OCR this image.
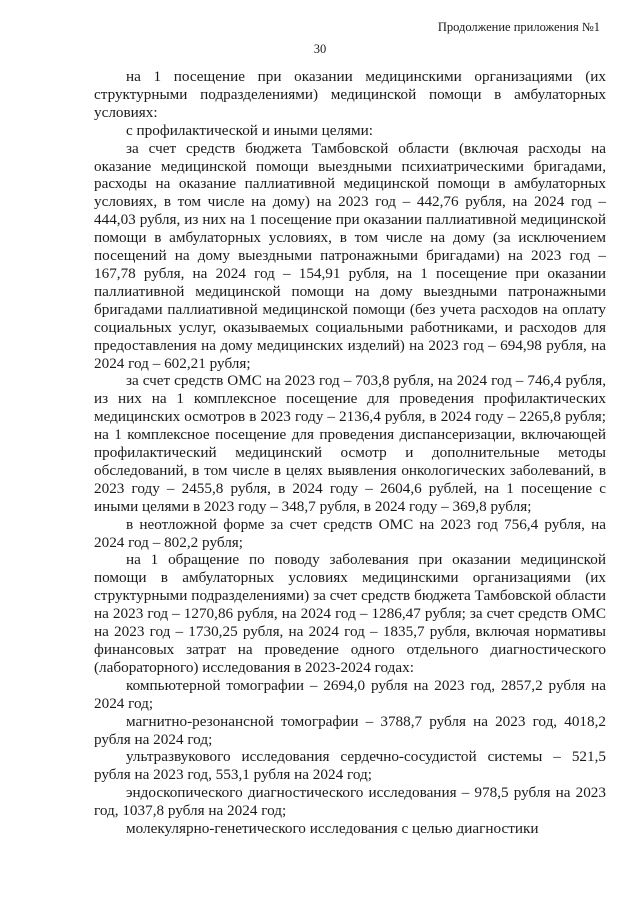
Продолжение приложения №1
30

на 1 посещение при оказании медицинскими организациями (их структурными подразделениями) медицинской помощи в амбулаторных условиях:

с профилактической и иными целями:

за счет средств бюджета Тамбовской области (включая расходы на оказание медицинской помощи выездными психиатрическими бригадами, расходы на оказание паллиативной медицинской помощи в амбулаторных условиях, в том числе на дому) на 2023 год – 442,76 рубля, на 2024 год – 444,03 рубля, из них на 1 посещение при оказании паллиативной медицинской помощи в амбулаторных условиях, в том числе на дому (за исключением посещений на дому выездными патронажными бригадами) на 2023 год – 167,78 рубля, на 2024 год – 154,91 рубля, на 1 посещение при оказании паллиативной медицинской помощи на дому выездными патронажными бригадами паллиативной медицинской помощи (без учета расходов на оплату социальных услуг, оказываемых социальными работниками, и расходов для предоставления на дому медицинских изделий) на 2023 год – 694,98 рубля, на 2024 год – 602,21 рубля;

за счет средств ОМС на 2023 год – 703,8 рубля, на 2024 год – 746,4 рубля, из них на 1 комплексное посещение для проведения профилактических медицинских осмотров в 2023 году – 2136,4 рубля, в 2024 году – 2265,8 рубля; на 1 комплексное посещение для проведения диспансеризации, включающей профилактический медицинский осмотр и дополнительные методы обследований, в том числе в целях выявления онкологических заболеваний, в 2023 году – 2455,8 рубля, в 2024 году – 2604,6 рублей, на 1 посещение с иными целями в 2023 году – 348,7 рубля, в 2024 году – 369,8 рубля;

в неотложной форме за счет средств ОМС на 2023 год 756,4 рубля, на 2024 год – 802,2 рубля;

на 1 обращение по поводу заболевания при оказании медицинской помощи в амбулаторных условиях медицинскими организациями (их структурными подразделениями) за счет средств бюджета Тамбовской области на 2023 год – 1270,86 рубля, на 2024 год – 1286,47 рубля; за счет средств ОМС на 2023 год – 1730,25 рубля, на 2024 год – 1835,7 рубля, включая нормативы финансовых затрат на проведение одного отдельного диагностического (лабораторного) исследования в 2023-2024 годах:

компьютерной томографии – 2694,0 рубля на 2023 год, 2857,2 рубля на 2024 год;

магнитно-резонансной томографии – 3788,7 рубля на 2023 год, 4018,2 рубля на 2024 год;

ультразвукового исследования сердечно-сосудистой системы – 521,5 рубля на 2023 год, 553,1 рубля на 2024 год;

эндоскопического диагностического исследования – 978,5 рубля на 2023 год, 1037,8 рубля на 2024 год;

молекулярно-генетического исследования с целью диагностики
